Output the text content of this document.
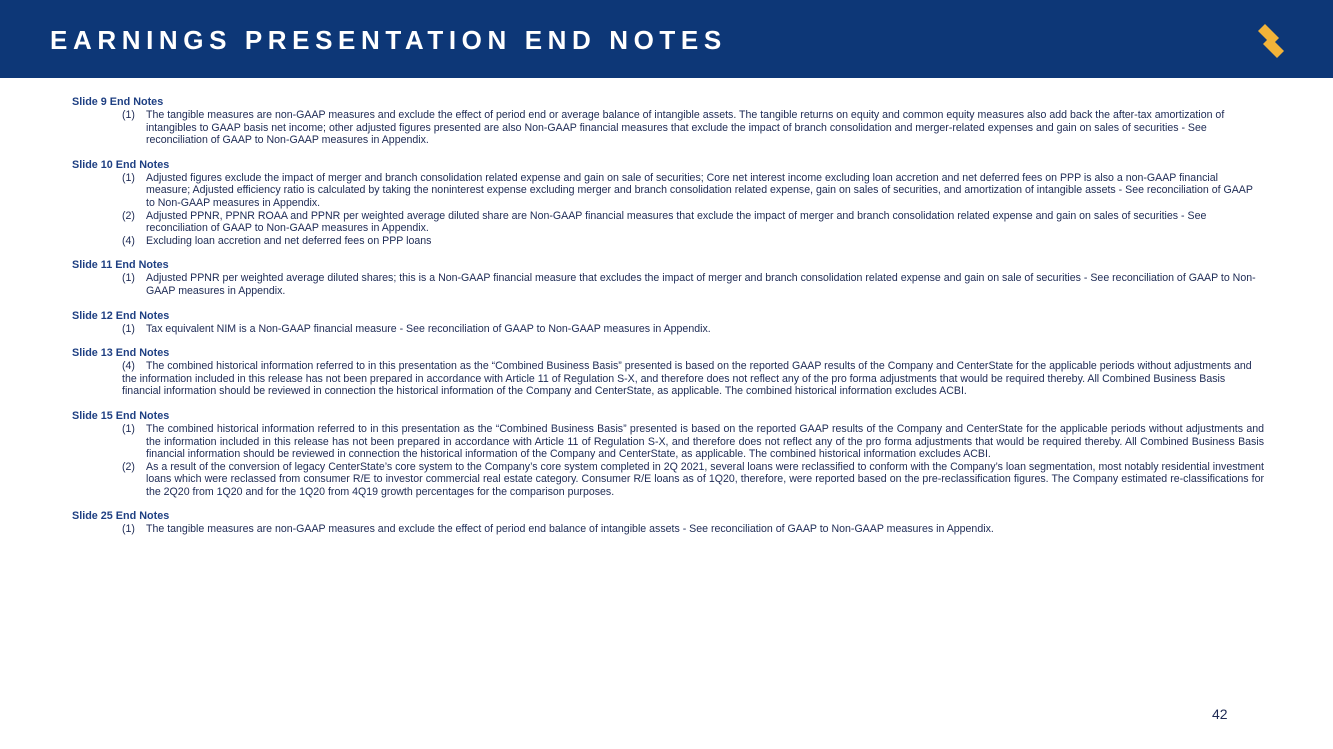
EARNINGS PRESENTATION END NOTES
Slide 9 End Notes
(1)	The tangible measures are non-GAAP measures and exclude the effect of period end or average balance of intangible assets. The tangible returns on equity and common equity measures also add back the after-tax amortization of intangibles to GAAP basis net income; other adjusted figures presented are also Non-GAAP financial measures that exclude the impact of branch consolidation and merger-related expenses and gain on sales of securities - See reconciliation of GAAP to Non-GAAP measures in Appendix.
Slide 10 End Notes
(1)	Adjusted figures exclude the impact of merger and branch consolidation related expense and gain on sale of securities; Core net interest income excluding loan accretion and net deferred fees on PPP is also a non-GAAP financial measure; Adjusted efficiency ratio is calculated by taking the noninterest expense excluding merger and branch consolidation related expense, gain on sales of securities, and amortization of intangible assets - See reconciliation of GAAP to Non-GAAP measures in Appendix.
(2)	Adjusted PPNR, PPNR ROAA and PPNR per weighted average diluted share are Non-GAAP financial measures that exclude the impact of merger and branch consolidation related expense and gain on sales of securities - See reconciliation of GAAP to Non-GAAP measures in Appendix.
(4)	Excluding loan accretion and net deferred fees on PPP loans
Slide 11 End Notes
(1)	Adjusted PPNR per weighted average diluted shares; this is a Non-GAAP financial measure that excludes the impact of merger and branch consolidation related expense and gain on sale of securities - See reconciliation of GAAP to Non-GAAP measures in Appendix.
Slide 12 End Notes
(1)	Tax equivalent NIM is a Non-GAAP financial measure - See reconciliation of GAAP to Non-GAAP measures in Appendix.
Slide 13 End Notes
(4) The combined historical information referred to in this presentation as the “Combined Business Basis” presented is based on the reported GAAP results of the Company and CenterState for the applicable periods without adjustments and the information included in this release has not been prepared in accordance with Article 11 of Regulation S-X, and therefore does not reflect any of the pro forma adjustments that would be required thereby. All Combined Business Basis financial information should be reviewed in connection the historical information of the Company and CenterState, as applicable. The combined historical information excludes ACBI.
Slide 15 End Notes
(1)	The combined historical information referred to in this presentation as the “Combined Business Basis” presented is based on the reported GAAP results of the Company and CenterState for the applicable periods without adjustments and the information included in this release has not been prepared in accordance with Article 11 of Regulation S-X, and therefore does not reflect any of the pro forma adjustments that would be required thereby. All Combined Business Basis financial information should be reviewed in connection the historical information of the Company and CenterState, as applicable. The combined historical information excludes ACBI.
(2)	As a result of the conversion of legacy CenterState’s core system to the Company’s core system completed in 2Q 2021, several loans were reclassified to conform with the Company’s loan segmentation, most notably residential investment loans which were reclassed from consumer R/E to investor commercial real estate category. Consumer R/E loans as of 1Q20, therefore, were reported based on the pre-reclassification figures. The Company estimated re-classifications for the 2Q20 from 1Q20 and for the 1Q20 from 4Q19 growth percentages for the comparison purposes.
Slide 25 End Notes
(1)	The tangible measures are non-GAAP measures and exclude the effect of period end balance of intangible assets - See reconciliation of GAAP to Non-GAAP measures in Appendix.
42
